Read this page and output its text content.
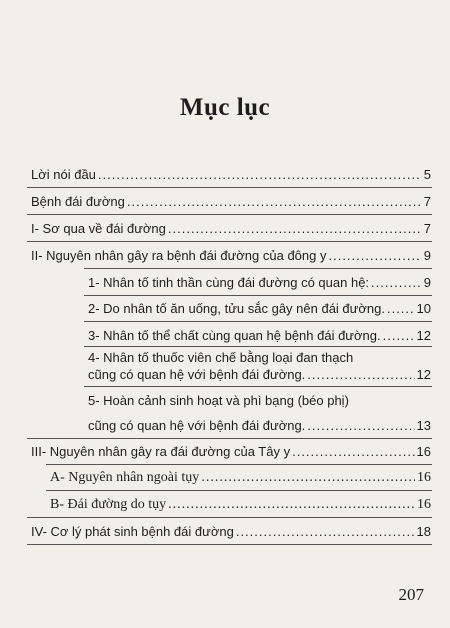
Mục lục
Lời nói đầu .....	5
Bệnh đái đường .....	7
I- Sơ qua về đái đường .....	7
II- Nguyên nhân gây ra bệnh đái đường của đông y .....	9
1- Nhân tố tinh thần cùng đái đường có quan hệ: .....	9
2- Do nhân tố ăn uống, tửu sắc gây nên đái đường. ..... 10
3- Nhân tố thể chất cùng quan hệ bệnh đái đường. .....	12
4- Nhân tố thuốc viên chế bằng loại đan thạch
cũng có quan hệ với bệnh đái đường. .....	12
5- Hoàn cảnh sinh hoạt và phì bạng (béo phị)
cũng có quan hệ với bệnh đái đường. .....	13
III- Nguyên nhân gây ra đái đường của Tây y .....	16
A- Nguyên nhân ngoài tụy .....	16
B- Đái đường do tụy .....	16
IV- Cơ lý phát sinh bệnh đái đường .....	18
207
